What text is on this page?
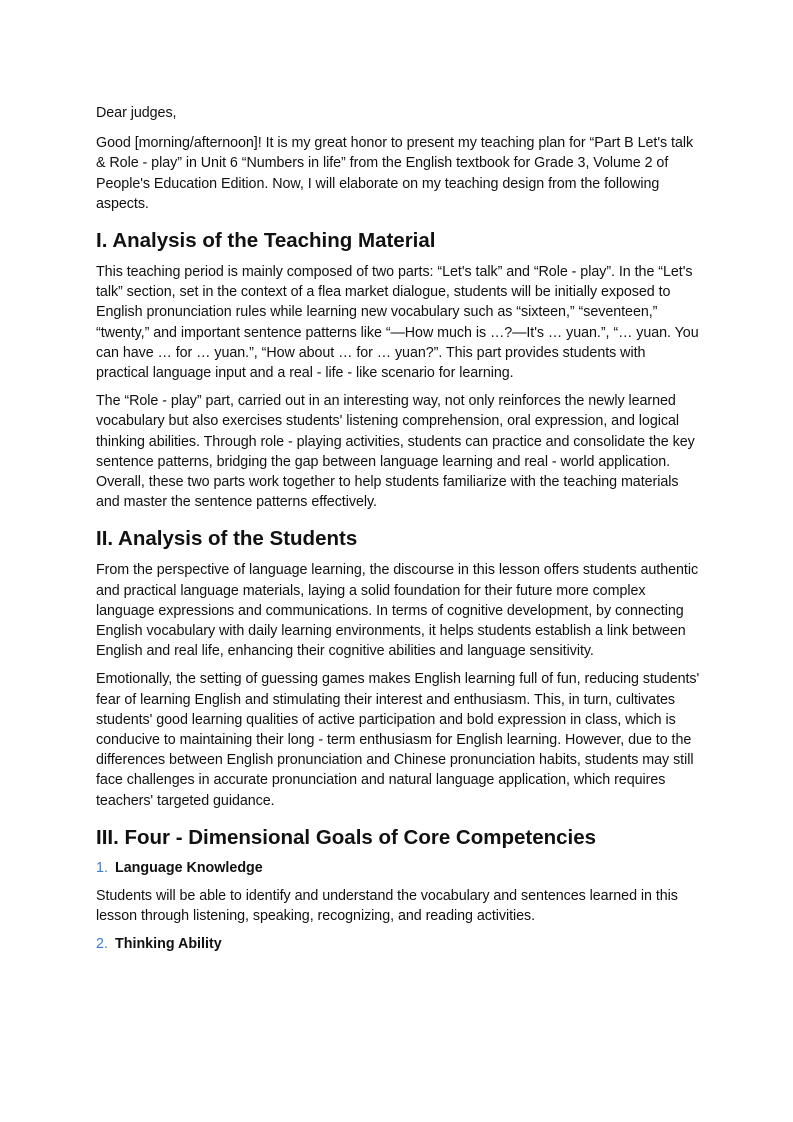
Dear judges,

Good [morning/afternoon]! It is my great honor to present my teaching plan for “Part B Let's talk & Role - play” in Unit 6 “Numbers in life” from the English textbook for Grade 3, Volume 2 of People's Education Edition. Now, I will elaborate on my teaching design from the following aspects.

I. Analysis of the Teaching Material

This teaching period is mainly composed of two parts: “Let's talk” and “Role - play”. In the “Let's talk” section, set in the context of a flea market dialogue, students will be initially exposed to English pronunciation rules while learning new vocabulary such as “sixteen,” “seventeen,” “twenty,” and important sentence patterns like “—How much is …?—It's … yuan.”, “… yuan. You can have … for … yuan.”, “How about … for … yuan?”. This part provides students with practical language input and a real - life - like scenario for learning.

The “Role - play” part, carried out in an interesting way, not only reinforces the newly learned vocabulary but also exercises students' listening comprehension, oral expression, and logical thinking abilities. Through role - playing activities, students can practice and consolidate the key sentence patterns, bridging the gap between language learning and real - world application. Overall, these two parts work together to help students familiarize with the teaching materials and master the sentence patterns effectively.

II. Analysis of the Students

From the perspective of language learning, the discourse in this lesson offers students authentic and practical language materials, laying a solid foundation for their future more complex language expressions and communications. In terms of cognitive development, by connecting English vocabulary with daily learning environments, it helps students establish a link between English and real life, enhancing their cognitive abilities and language sensitivity.

Emotionally, the setting of guessing games makes English learning full of fun, reducing students' fear of learning English and stimulating their interest and enthusiasm. This, in turn, cultivates students' good learning qualities of active participation and bold expression in class, which is conducive to maintaining their long - term enthusiasm for English learning. However, due to the differences between English pronunciation and Chinese pronunciation habits, students may still face challenges in accurate pronunciation and natural language application, which requires teachers' targeted guidance.

III. Four - Dimensional Goals of Core Competencies
1. Language Knowledge

Students will be able to identify and understand the vocabulary and sentences learned in this lesson through listening, speaking, recognizing, and reading activities.

2. Thinking Ability
